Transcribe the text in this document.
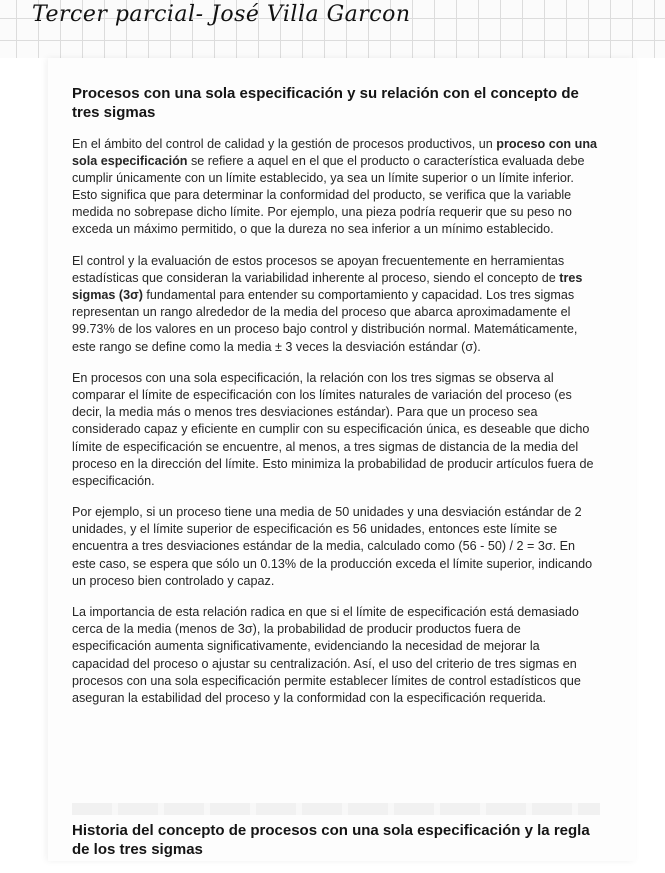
Tercer parcial- José Villa Garcon
Procesos con una sola especificación y su relación con el concepto de tres sigmas

En el ámbito del control de calidad y la gestión de procesos productivos, un proceso con una sola especificación se refiere a aquel en el que el producto o característica evaluada debe cumplir únicamente con un límite establecido, ya sea un límite superior o un límite inferior. Esto significa que para determinar la conformidad del producto, se verifica que la variable medida no sobrepase dicho límite. Por ejemplo, una pieza podría requerir que su peso no exceda un máximo permitido, o que la dureza no sea inferior a un mínimo establecido.

El control y la evaluación de estos procesos se apoyan frecuentemente en herramientas estadísticas que consideran la variabilidad inherente al proceso, siendo el concepto de tres sigmas (3σ) fundamental para entender su comportamiento y capacidad. Los tres sigmas representan un rango alrededor de la media del proceso que abarca aproximadamente el 99.73% de los valores en un proceso bajo control y distribución normal. Matemáticamente, este rango se define como la media ± 3 veces la desviación estándar (σ).

En procesos con una sola especificación, la relación con los tres sigmas se observa al comparar el límite de especificación con los límites naturales de variación del proceso (es decir, la media más o menos tres desviaciones estándar). Para que un proceso sea considerado capaz y eficiente en cumplir con su especificación única, es deseable que dicho límite de especificación se encuentre, al menos, a tres sigmas de distancia de la media del proceso en la dirección del límite. Esto minimiza la probabilidad de producir artículos fuera de especificación.

Por ejemplo, si un proceso tiene una media de 50 unidades y una desviación estándar de 2 unidades, y el límite superior de especificación es 56 unidades, entonces este límite se encuentra a tres desviaciones estándar de la media, calculado como (56 - 50) / 2 = 3σ. En este caso, se espera que sólo un 0.13% de la producción exceda el límite superior, indicando un proceso bien controlado y capaz.

La importancia de esta relación radica en que si el límite de especificación está demasiado cerca de la media (menos de 3σ), la probabilidad de producir productos fuera de especificación aumenta significativamente, evidenciando la necesidad de mejorar la capacidad del proceso o ajustar su centralización. Así, el uso del criterio de tres sigmas en procesos con una sola especificación permite establecer límites de control estadísticos que aseguran la estabilidad del proceso y la conformidad con la especificación requerida.

Historia del concepto de procesos con una sola especificación y la regla de los tres sigmas
